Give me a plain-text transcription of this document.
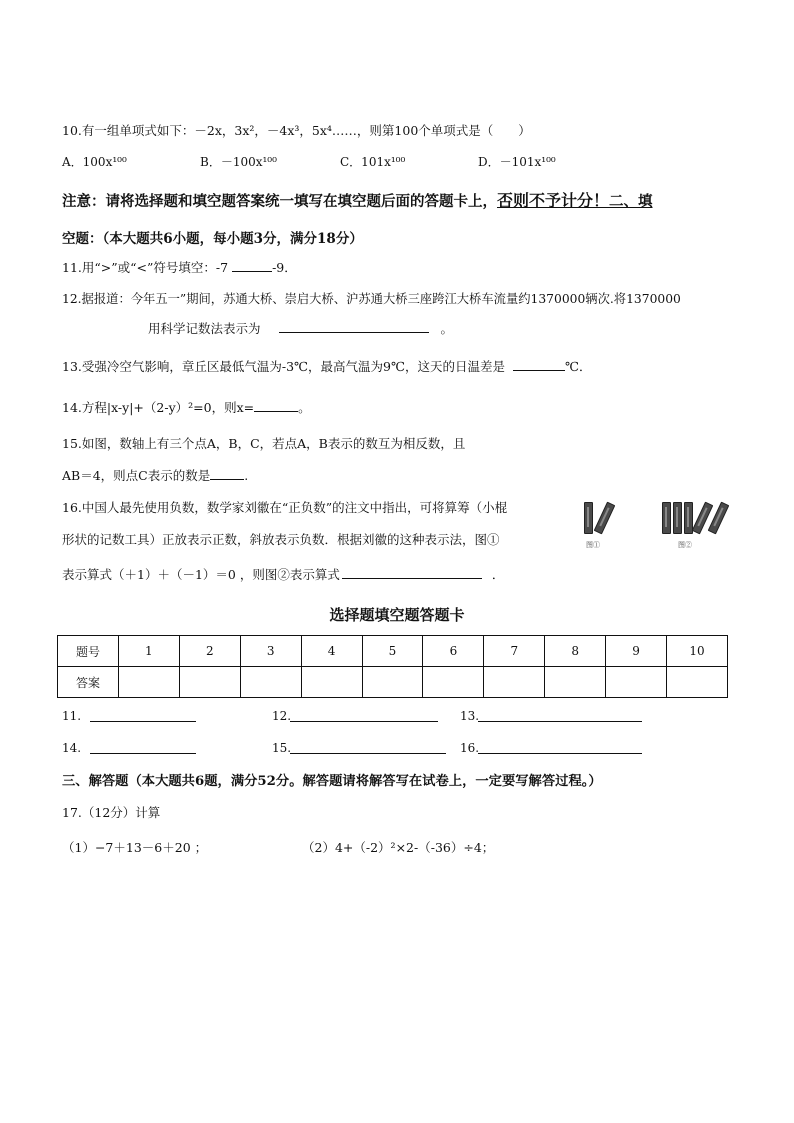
10.有一组单项式如下：－2x，3x²，－4x³，5x⁴……，则第100个单项式是（　　）
A．100x¹⁰⁰	B．－100x¹⁰⁰	C．101x¹⁰⁰	D．－101x¹⁰⁰
注意：请将选择题和填空题答案统一填写在填空题后面的答题卡上，否则不予计分！二、填
空题：（本大题共6小题，每小题3分，满分18分）
11.用“>”或“<”符号填空：-7	-9．
12.据报道：今年五一”期间，苏通大桥、崇启大桥、沪苏通大桥三座跨江大桥车流量约1370000辆次.将1370000
用科学记数法表示为	。
13.受强冷空气影响，章丘区最低气温为-3℃，最高气温为9℃，这天的日温差是	℃．
14.方程|x-y|+（2-y）²=0，则x=	。
15.如图，数轴上有三个点A，B，C，若点A，B表示的数互为相反数，且
AB＝4，则点C表示的数是	.
16.中国人最先使用负数，数学家刘徽在“正负数”的注文中指出，可将算筹（小棍
形状的记数工具）正放表示正数，斜放表示负数．根据刘徽的这种表示法，图①
表示算式（＋1）＋（－1）＝0 ，则图②表示算式	．
图①	图②
选择题填空题答题卡
题号	1	2	3	4	5	6	7	8	9	10
答案										
11.	12.	13.
14.	15.	16.
三、解答题（本大题共6题，满分52分。解答题请将解答写在试卷上，一定要写解答过程。）
17.（12分）计算
（1）−7＋13－6＋20 ；	（2）4+（-2）²×2-（-36）÷4；
